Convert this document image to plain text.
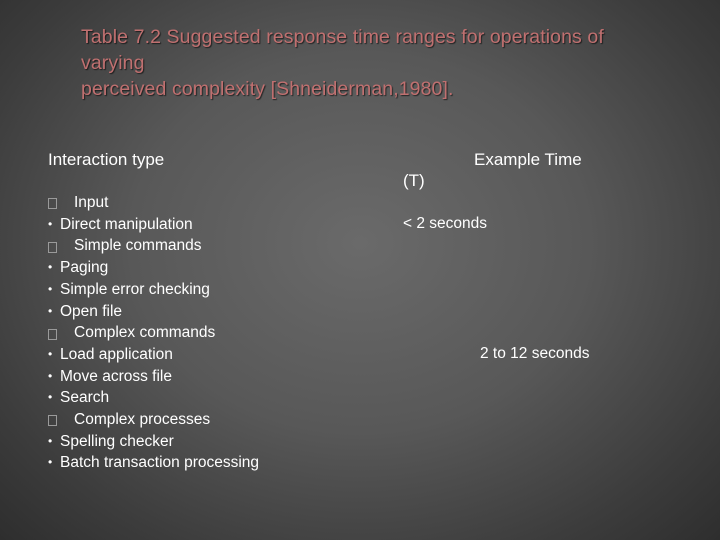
Table 7.2 Suggested response time ranges for operations of
varying
perceived complexity [Shneiderman,1980].
Interaction type	Example Time
(T)
Input
• Direct manipulation
Simple commands
• Paging
• Simple error checking
• Open file
Complex commands
• Load application
• Move across file
• Search
Complex processes
• Spelling checker
• Batch transaction processing
< 2 seconds
2 to 12 seconds
